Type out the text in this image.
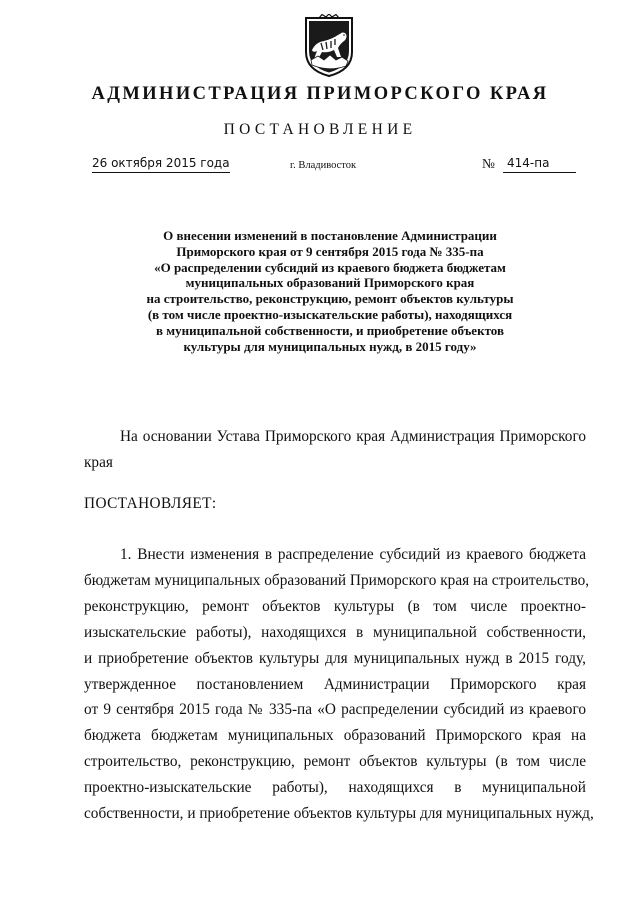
АДМИНИСТРАЦИЯ ПРИМОРСКОГО КРАЯ
ПОСТАНОВЛЕНИЕ
26 октября 2015 года	г. Владивосток	№	414-па
О внесении изменений в постановление Администрации
Приморского края от 9 сентября 2015 года № 335-па
«О распределении субсидий из краевого бюджета бюджетам
муниципальных образований Приморского края
на строительство, реконструкцию, ремонт объектов культуры
(в том числе проектно-изыскательские работы), находящихся
в муниципальной собственности, и приобретение объектов
культуры для муниципальных нужд, в 2015 году»
На основании Устава Приморского края Администрация Приморского
края
ПОСТАНОВЛЯЕТ:
1. Внести изменения в распределение субсидий из краевого бюджета
бюджетам муниципальных образований Приморского края на строительство,
реконструкцию, ремонт объектов культуры (в том числе проектно-
изыскательские работы), находящихся в муниципальной собственности,
и приобретение объектов культуры для муниципальных нужд в 2015 году,
утвержденное постановлением Администрации Приморского края
от 9 сентября 2015 года № 335-па «О распределении субсидий из краевого
бюджета бюджетам муниципальных образований Приморского края на
строительство, реконструкцию, ремонт объектов культуры (в том числе
проектно-изыскательские работы), находящихся в муниципальной
собственности, и приобретение объектов культуры для муниципальных нужд,
